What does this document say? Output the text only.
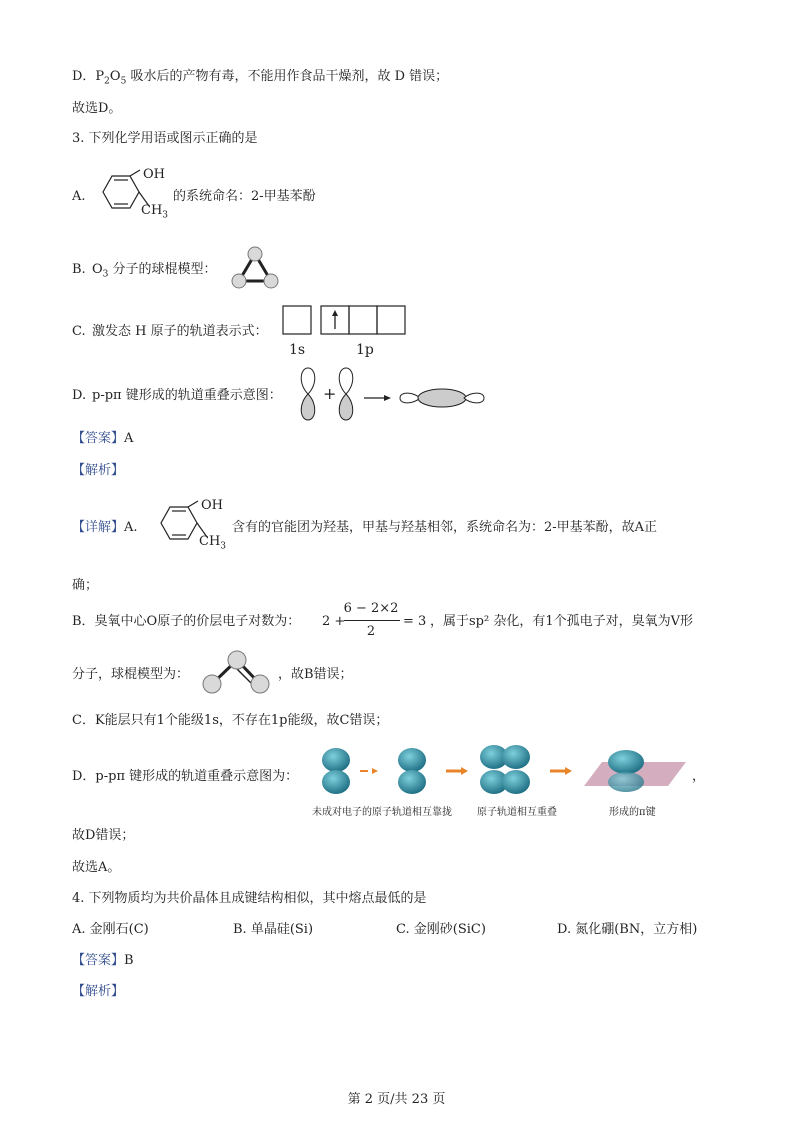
D．$P_2O_5$ 吸水后的产物有毒，不能用作食品干燥剂，故 D 错误；
故选D。
3. 下列化学用语或图示正确的是
A.
OH
$CH_3$
的系统命名：2-甲基苯酚
B. $O_3$ 分子的球棍模型：
C. 激发态 H 原子的轨道表示式：
1s	1p
D. p-pπ 键形成的轨道重叠示意图：	+
【答案】A
【解析】
【详解】A.
OH
$CH_3$
含有的官能团为羟基，甲基与羟基相邻，系统命名为：2-甲基苯酚，故A正
确；
B．臭氧中心O原子的价层电子对数为： 2 +
6 − 2×2
2
= 3 ，属于sp² 杂化，有1个孤电子对，臭氧为V形
分子，球棍模型为：	，故B错误；
C．K能层只有1个能级1s，不存在1p能级，故C错误；
D．p-pπ 键形成的轨道重叠示意图为：	，
未成对电子的原子轨道相互靠拢	原子轨道相互重叠	形成的π键
故D错误；
故选A。
4. 下列物质均为共价晶体且成键结构相似，其中熔点最低的是
A. 金刚石(C)	B. 单晶硅(Si)	C. 金刚砂(SiC)	D. 氮化硼(BN，立方相)
【答案】B
【解析】
第 2 页/共 23 页
